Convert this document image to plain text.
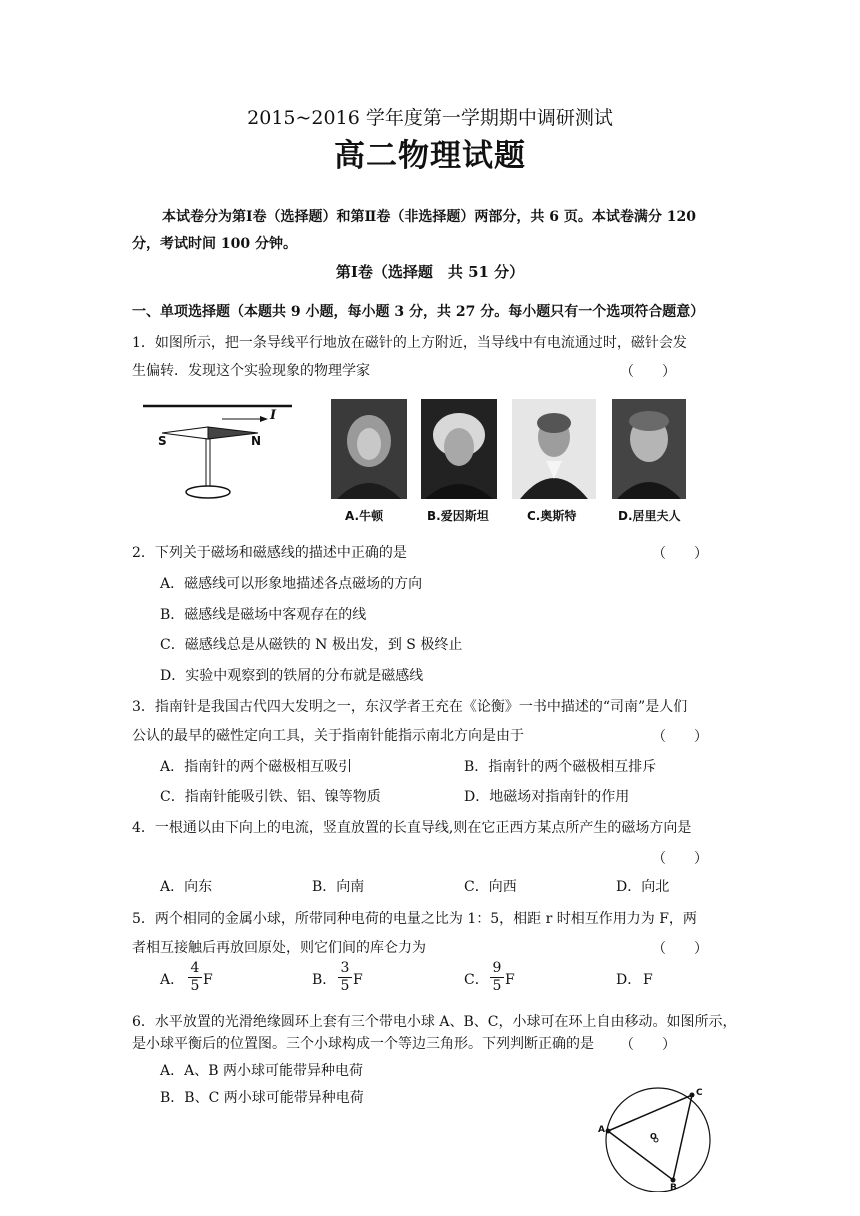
2015~2016 学年度第一学期期中调研测试
高二物理试题
本试卷分为第Ⅰ卷（选择题）和第Ⅱ卷（非选择题）两部分，共 6 页。本试卷满分 120
分，考试时间 100 分钟。
第Ⅰ卷（选择题　共 51 分）
一、单项选择题（本题共 9 小题，每小题 3 分，共 27 分。每小题只有一个选项符合题意）
1．如图所示，把一条导线平行地放在磁针的上方附近，当导线中有电流通过时，磁针会发
生偏转．发现这个实验现象的物理学家	（　　）
I
S	N
A.牛顿	B.爱因斯坦	C.奥斯特	D.居里夫人
2．下列关于磁场和磁感线的描述中正确的是	（　　）
A．磁感线可以形象地描述各点磁场的方向
B．磁感线是磁场中客观存在的线
C．磁感线总是从磁铁的 N 极出发，到 S 极终止
D．实验中观察到的铁屑的分布就是磁感线
3．指南针是我国古代四大发明之一，东汉学者王充在《论衡》一书中描述的“司南”是人们
公认的最早的磁性定向工具，关于指南针能指示南北方向是由于	（　　）
A．指南针的两个磁极相互吸引	B．指南针的两个磁极相互排斥
C．指南针能吸引铁、铝、镍等物质	D．地磁场对指南针的作用
4．一根通以由下向上的电流，竖直放置的长直导线,则在它正西方某点所产生的磁场方向是
（　　）
A．向东	B．向南	C．向西	D．向北
5．两个相同的金属小球，所带同种电荷的电量之比为 1：5，相距 r 时相互作用力为 F，两
者相互接触后再放回原处，则它们间的库仑力为	（　　）
A．
4
5 F	B．
3
5 F	C．
9
5 F	D． F
6．水平放置的光滑绝缘圆环上套有三个带电小球 A、B、C，小球可在环上自由移动。如图所示，
是小球平衡后的位置图。三个小球构成一个等边三角形。下列判断正确的是 （　　）
A．A、B 两小球可能带异种电荷
B．B、C 两小球可能带异种电荷
A
C
B
O
